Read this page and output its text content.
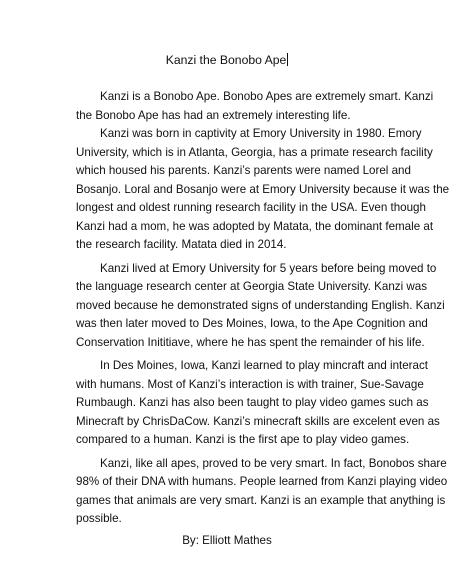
Kanzi the Bonobo Ape

Kanzi is a Bonobo Ape. Bonobo Apes are extremely smart. Kanzi
the Bonobo Ape has had an extremely interesting life.
Kanzi was born in captivity at Emory University in 1980. Emory
University, which is in Atlanta, Georgia, has a primate research facility
which housed his parents. Kanzi’s parents were named Lorel and
Bosanjo. Loral and Bosanjo were at Emory University because it was the
longest and oldest running research facility in the USA. Even though
Kanzi had a mom, he was adopted by Matata, the dominant female at
the research facility. Matata died in 2014.
Kanzi lived at Emory University for 5 years before being moved to
the language research center at Georgia State University. Kanzi was
moved because he demonstrated signs of understanding English. Kanzi
was then later moved to Des Moines, Iowa, to the Ape Cognition and
Conservation Inititiave, where he has spent the remainder of his life.
In Des Moines, Iowa, Kanzi learned to play mincraft and interact
with humans. Most of Kanzi’s interaction is with trainer, Sue-Savage
Rumbaugh. Kanzi has also been taught to play video games such as
Minecraft by ChrisDaCow. Kanzi’s minecraft skills are excelent even as
compared to a human. Kanzi is the first ape to play video games.
Kanzi, like all apes, proved to be very smart. In fact, Bonobos share
98% of their DNA with humans. People learned from Kanzi playing video
games that animals are very smart. Kanzi is an example that anything is
possible.

By: Elliott Mathes
